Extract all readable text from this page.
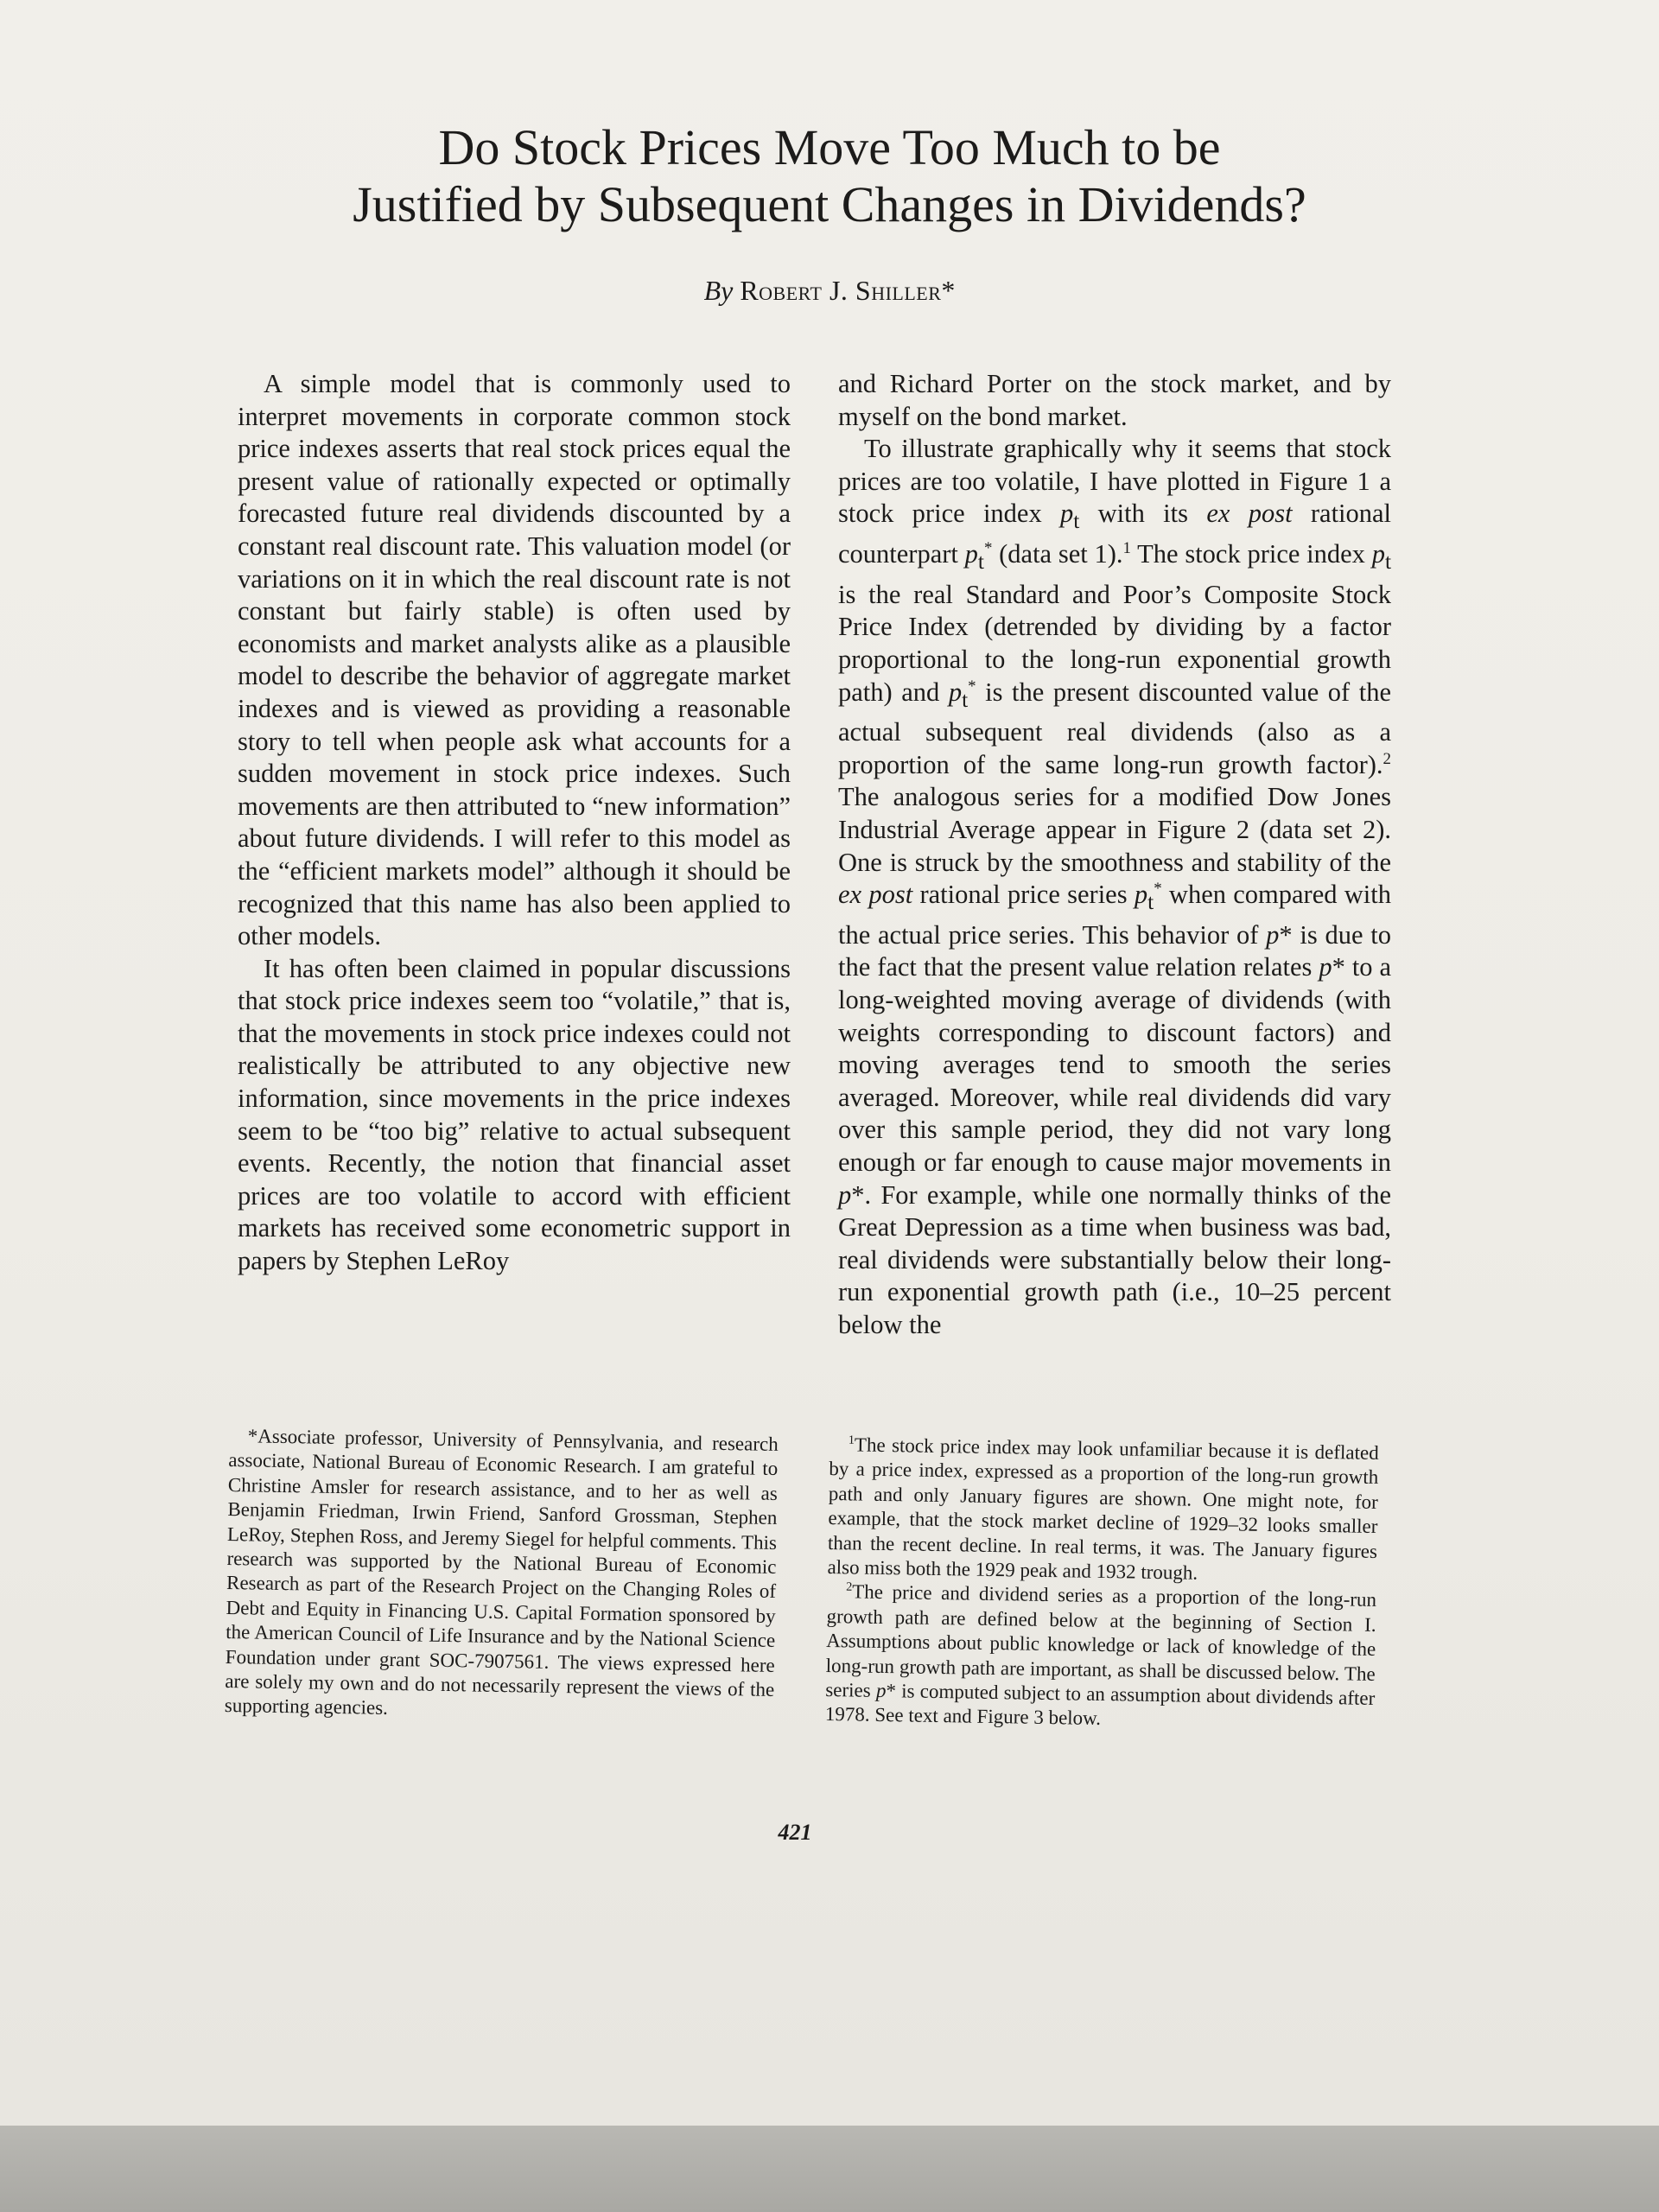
Do Stock Prices Move Too Much to be
Justified by Subsequent Changes in Dividends?
By Robert J. Shiller*

A simple model that is commonly used to interpret movements in corporate common stock price indexes asserts that real stock prices equal the present value of rationally expected or optimally forecasted future real dividends discounted by a constant real discount rate. This valuation model (or variations on it in which the real discount rate is not constant but fairly stable) is often used by economists and market analysts alike as a plausible model to describe the behavior of aggregate market indexes and is viewed as providing a reasonable story to tell when people ask what accounts for a sudden movement in stock price indexes. Such movements are then attributed to “new information” about future dividends. I will refer to this model as the “efficient markets model” although it should be recognized that this name has also been applied to other models.

It has often been claimed in popular discussions that stock price indexes seem too “volatile,” that is, that the movements in stock price indexes could not realistically be attributed to any objective new information, since movements in the price indexes seem to be “too big” relative to actual subsequent events. Recently, the notion that financial asset prices are too volatile to accord with efficient markets has received some econometric support in papers by Stephen LeRoy

and Richard Porter on the stock market, and by myself on the bond market.

To illustrate graphically why it seems that stock prices are too volatile, I have plotted in Figure 1 a stock price index $p_t$ with its ex post rational counterpart $p_t^*$ (data set 1).$^1$ The stock price index $p_t$ is the real Standard and Poor’s Composite Stock Price Index (detrended by dividing by a factor proportional to the long-run exponential growth path) and $p_t^*$ is the present discounted value of the actual subsequent real dividends (also as a proportion of the same long-run growth factor).$^2$ The analogous series for a modified Dow Jones Industrial Average appear in Figure 2 (data set 2). One is struck by the smoothness and stability of the ex post rational price series $p_t^*$ when compared with the actual price series. This behavior of p* is due to the fact that the present value relation relates p* to a long-weighted moving average of dividends (with weights corresponding to discount factors) and moving averages tend to smooth the series averaged. Moreover, while real dividends did vary over this sample period, they did not vary long enough or far enough to cause major movements in p*. For example, while one normally thinks of the Great Depression as a time when business was bad, real dividends were substantially below their long-run exponential growth path (i.e., 10–25 percent below the

*Associate professor, University of Pennsylvania, and research associate, National Bureau of Economic Research. I am grateful to Christine Amsler for research assistance, and to her as well as Benjamin Friedman, Irwin Friend, Sanford Grossman, Stephen LeRoy, Stephen Ross, and Jeremy Siegel for helpful comments. This research was supported by the National Bureau of Economic Research as part of the Research Project on the Changing Roles of Debt and Equity in Financing U.S. Capital Formation sponsored by the American Council of Life Insurance and by the National Science Foundation under grant SOC-7907561. The views expressed here are solely my own and do not necessarily represent the views of the supporting agencies.

$^1$The stock price index may look unfamiliar because it is deflated by a price index, expressed as a proportion of the long-run growth path and only January figures are shown. One might note, for example, that the stock market decline of 1929–32 looks smaller than the recent decline. In real terms, it was. The January figures also miss both the 1929 peak and 1932 trough.

$^2$The price and dividend series as a proportion of the long-run growth path are defined below at the beginning of Section I. Assumptions about public knowledge or lack of knowledge of the long-run growth path are important, as shall be discussed below. The series p* is computed subject to an assumption about dividends after 1978. See text and Figure 3 below.

421
